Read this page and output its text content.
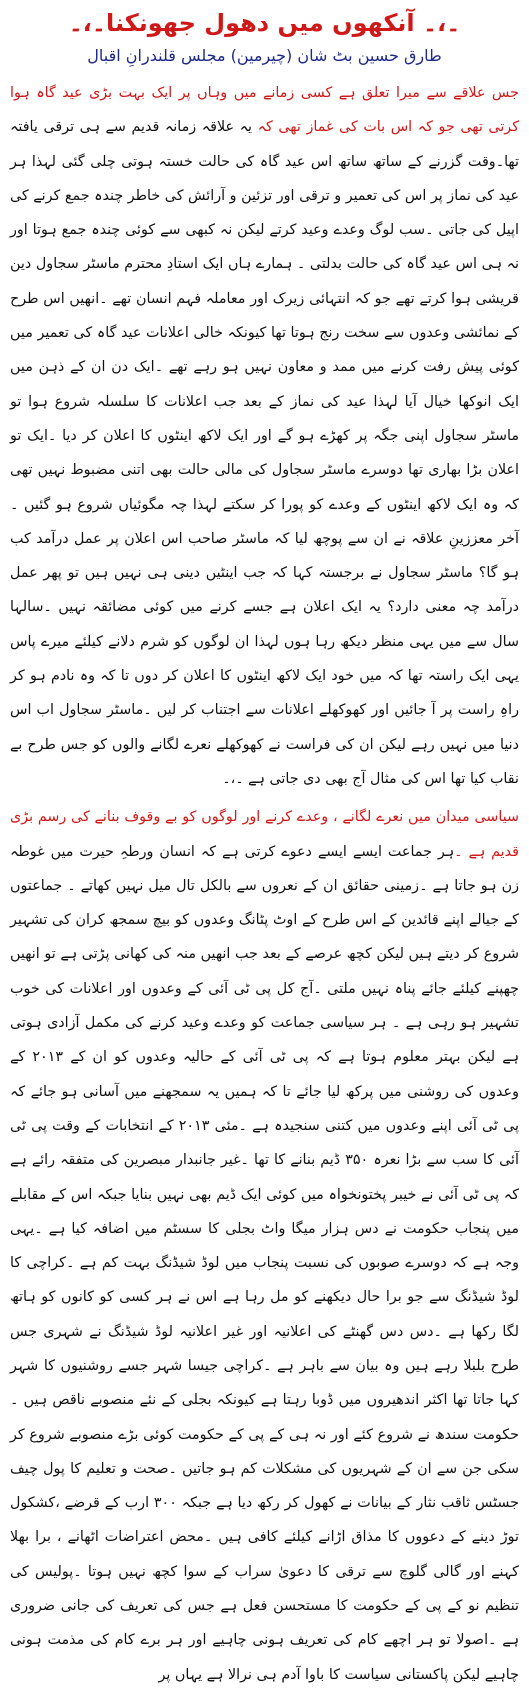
۔،۔ آنکھوں میں دھول جھونکنا۔،۔
طارق حسین بٹ شان (چیرمین) مجلس قلندرانِ اقبال
جس علاقے سے میرا تعلق ہے کسی زمانے میں وہاں پر ایک بہت بڑی عید گاہ ہوا کرتی تھی جو کہ اس بات کی غماز تھی کہ یہ علاقہ زمانہ قدیم سے ہی ترقی یافتہ تھا۔وقت گزرنے کے ساتھ ساتھ اس عید گاہ کی حالت خستہ ہوتی چلی گئی لہذا ہر عید کی نماز پر اس کی تعمیر و ترقی اور تزئین و آرائش کی خاطر چندہ جمع کرنے کی اپیل کی جاتی ۔سب لوگ وعدے وعید کرتے لیکن نہ کبھی سے کوئی چندہ جمع ہوتا اور نہ ہی اس عید گاہ کی حالت بدلتی ۔ ہمارے ہاں ایک استادِ محترم ماسٹر سجاول دین قریشی ہوا کرتے تھے جو کہ انتہائی زیرک اور معاملہ فہم انسان تھے ۔انھیں اس طرح کے نمائشی وعدوں سے سخت رنج ہوتا تھا کیونکہ خالی اعلانات عید گاہ کی تعمیر میں کوئی پیش رفت کرنے میں ممد و معاون نہیں ہو رہے تھے ۔ایک دن ان کے ذہن میں ایک انوکھا خیال آیا لہذا عید کی نماز کے بعد جب اعلانات کا سلسلہ شروع ہوا تو ماسٹر سجاول اپنی جگہ پر کھڑے ہو گے اور ایک لاکھ اینٹوں کا اعلان کر دیا ۔ایک تو اعلان بڑا بھاری تھا دوسرے ماسٹر سجاول کی مالی حالت بھی اتنی مضبوط نہیں تھی کہ وہ ایک لاکھ اینٹوں کے وعدے کو پورا کر سکتے لہذا چہ مگوئیاں شروع ہو گئیں ۔آخر معززینِ علاقہ نے ان سے پوچھ لیا کہ ماسٹر صاحب اس اعلان پر عمل درآمد کب ہو گا؟ ماسٹر سجاول نے برجستہ کہا کہ جب اینٹیں دینی ہی نہیں ہیں تو پھر عمل درآمد چہ معنی دارد؟ یہ ایک اعلان ہے جسے کرنے میں کوئی مضائقہ نہیں ۔سالہا سال سے میں یہی منظر دیکھ رہا ہوں لہذا ان لوگوں کو شرم دلانے کیلئے میرے پاس یہی ایک راستہ تھا کہ میں خود ایک لاکھ اینٹوں کا اعلان کر دوں تا کہ وہ نادم ہو کر راہِ راست پر آ جائیں اور کھوکھلے اعلانات سے اجتناب کر لیں ۔ماسٹر سجاول اب اس دنیا میں نہیں رہے لیکن ان کی فراست نے کھوکھلے نعرے لگانے والوں کو جس طرح بے نقاب کیا تھا اس کی مثال آج بھی دی جاتی ہے ۔،۔
سیاسی میدان میں نعرے لگانے ، وعدے کرنے اور لوگوں کو بے وقوف بنانے کی رسم بڑی قدیم ہے ۔ہر جماعت ایسے ایسے دعوے کرتی ہے کہ انسان ورطہِ حیرت میں غوطہ زن ہو جاتا ہے ۔زمینی حقائق ان کے نعروں سے بالکل تال میل نہیں کھاتے ۔ جماعتوں کے جیالے اپنے قائدین کے اس طرح کے اوٹ پٹانگ وعدوں کو بیچ سمجھ کران کی تشہیر شروع کر دیتے ہیں لیکن کچھ عرصے کے بعد جب انھیں منہ کی کھانی پڑتی ہے تو انھیں چھپنے کیلئے جائے پناہ نہیں ملتی ۔آج کل پی ٹی آئی کے وعدوں اور اعلانات کی خوب تشہیر ہو رہی ہے ۔ ہر سیاسی جماعت کو وعدے وعید کرنے کی مکمل آزادی ہوتی ہے لیکن بہتر معلوم ہوتا ہے کہ پی ٹی آئی کے حالیہ وعدوں کو ان کے ۲۰۱۳ کے وعدوں کی روشنی میں پرکھ لیا جائے تا کہ ہمیں یہ سمجھنے میں آسانی ہو جائے کہ پی ٹی آئی اپنے وعدوں میں کتنی سنجیدہ ہے ۔مئی ۲۰۱۳ کے انتخابات کے وقت پی ٹی آئی کا سب سے بڑا نعرہ ۳۵۰ ڈیم بنانے کا تھا ۔غیر جانبدار مبصرین کی متفقہ رائے ہے کہ پی ٹی آئی نے خیبر پختونخواہ میں کوئی ایک ڈیم بھی نہیں بنایا جبکہ اس کے مقابلے میں پنجاب حکومت نے دس ہزار میگا واٹ بجلی کا سسٹم میں اضافہ کیا ہے ۔یہی وجہ ہے کہ دوسرے صوبوں کی نسبت پنجاب میں لوڈ شیڈنگ بہت کم ہے ۔کراچی کا لوڈ شیڈنگ سے جو برا حال دیکھنے کو مل رہا ہے اس نے ہر کسی کو کانوں کو ہاتھ لگا رکھا ہے ۔دس دس گھنٹے کی اعلانیہ اور غیر اعلانیہ لوڈ شیڈنگ نے شہری جس طرح بلبلا رہے ہیں وہ بیان سے باہر ہے ۔کراچی جیسا شہر جسے روشنیوں کا شہر کہا جاتا تھا اکثر اندھیروں میں ڈوبا رہتا ہے کیونکہ بجلی کے نئے منصوبے ناقص ہیں ۔حکومت سندھ نے شروع کئے اور نہ ہی کے پی کے حکومت کوئی بڑے منصوبے شروع کر سکی جن سے ان کے شہریوں کی مشکلات کم ہو جاتیں ۔صحت و تعلیم کا پول چیف جسٹس ثاقب نثار کے بیانات نے کھول کر رکھ دیا ہے جبکہ ۳۰۰ ارب کے قرضے ،کشکول توڑ دینے کے دعووں کا مذاق اڑانے کیلئے کافی ہیں ۔محض اعتراضات اٹھانے ، برا بھلا کہنے اور گالی گلوچ سے ترقی کا دعویٰ سراب کے سوا کچھ نہیں ہوتا ۔پولیس کی تنظیم نو کے پی کے حکومت کا مستحسن فعل ہے جس کی تعریف کی جانی ضروری ہے ۔اصولا تو ہر اچھے کام کی تعریف ہونی چاہیے اور ہر برے کام کی مذمت ہونی چاہیے لیکن پاکستانی سیاست کا باوا آدم ہی نرالا ہے یہاں پر
